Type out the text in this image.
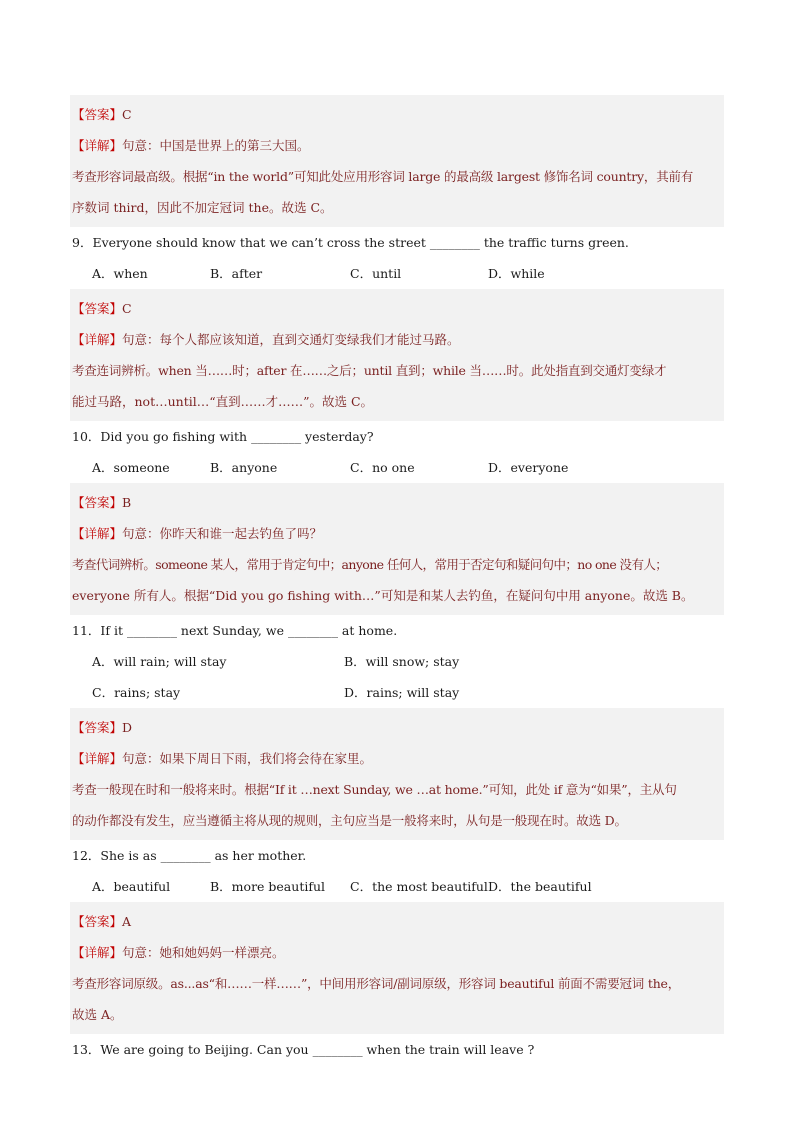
【答案】C
【详解】句意：中国是世界上的第三大国。
考查形容词最高级。根据“in the world”可知此处应用形容词 large 的最高级 largest 修饰名词 country，其前有
序数词 third，因此不加定冠词 the。故选 C。
9．Everyone should know that we can’t cross the street ________ the traffic turns green.
A．when	B．after	C．until	D．while
【答案】C
【详解】句意：每个人都应该知道，直到交通灯变绿我们才能过马路。
考查连词辨析。when 当……时；after 在……之后；until 直到；while 当……时。此处指直到交通灯变绿才
能过马路，not…until…“直到……才……”。故选 C。
10．Did you go fishing with ________ yesterday?
A．someone	B．anyone	C．no one	D．everyone
【答案】B
【详解】句意：你昨天和谁一起去钓鱼了吗？
考查代词辨析。someone 某人，常用于肯定句中；anyone 任何人，常用于否定句和疑问句中；no one 没有人；
everyone 所有人。根据“Did you go fishing with…”可知是和某人去钓鱼，在疑问句中用 anyone。故选 B。
11．If it ________ next Sunday, we ________ at home.
A．will rain; will stay	B．will snow; stay
C．rains; stay	D．rains; will stay
【答案】D
【详解】句意：如果下周日下雨，我们将会待在家里。
考查一般现在时和一般将来时。根据“If it …next Sunday, we …at home.”可知，此处 if 意为“如果”，主从句
的动作都没有发生，应当遵循主将从现的规则，主句应当是一般将来时，从句是一般现在时。故选 D。
12．She is as ________ as her mother.
A．beautiful	B．more beautiful	C．the most beautiful D．the beautiful
【答案】A
【详解】句意：她和她妈妈一样漂亮。
考查形容词原级。as...as“和……一样……”，中间用形容词/副词原级，形容词 beautiful 前面不需要冠词 the，
故选 A。
13．We are going to Beijing. Can you ________ when the train will leave ?
